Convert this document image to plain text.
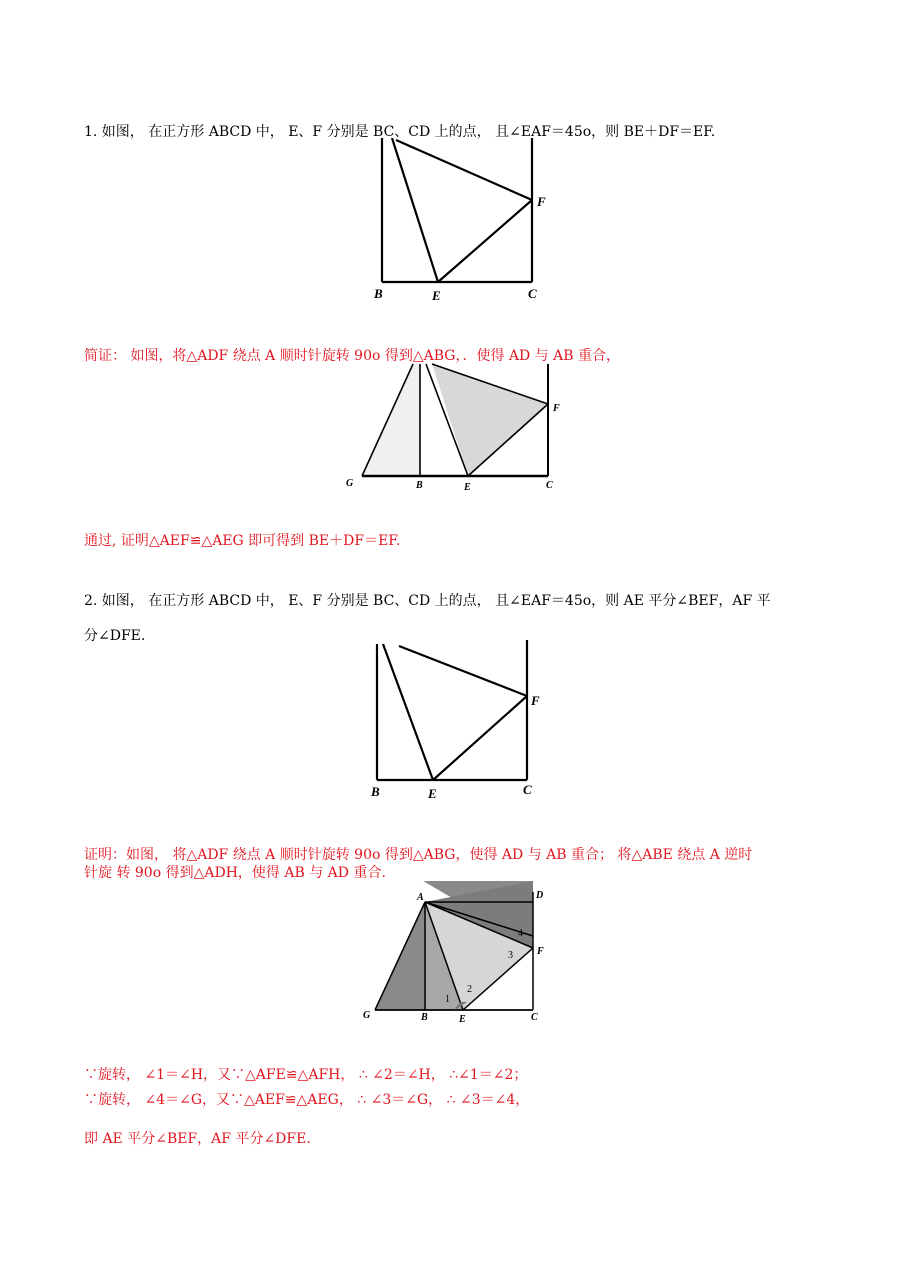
1. 如图， 在正方形 ABCD 中， E、F 分别是 BC、CD 上的点， 且∠EAF＝45o，则 BE＋DF＝EF.
B	E	C
F
简证： 如图，将△ADF 绕点 A 顺时针旋转 90o 得到△ABG，．使得 AD 与 AB 重合，
G	B	E	C
F
通过, 证明△AEF≌△AEG 即可得到 BE＋DF＝EF.
2. 如图， 在正方形 ABCD 中， E、F 分别是 BC、CD 上的点， 且∠EAF＝45o，则 AE 平分∠BEF，AF 平
分∠DFE.
B	E	C
F
证明：如图， 将△ADF 绕点 A 顺时针旋转 90o 得到△ABG，使得 AD 与 AB 重合； 将△ABE 绕点 A 逆时
针旋 转 90o 得到△ADH，使得 AB 与 AD 重合.
A	D
F
G	B	E	C
1
2
3
4
∵旋转， ∠1＝∠H，又∵△AFE≌△AFH， ∴ ∠2＝∠H， ∴∠1＝∠2；
∵旋转， ∠4＝∠G，又∵△AEF≌△AEG， ∴ ∠3＝∠G， ∴ ∠3＝∠4，
即 AE 平分∠BEF，AF 平分∠DFE.
